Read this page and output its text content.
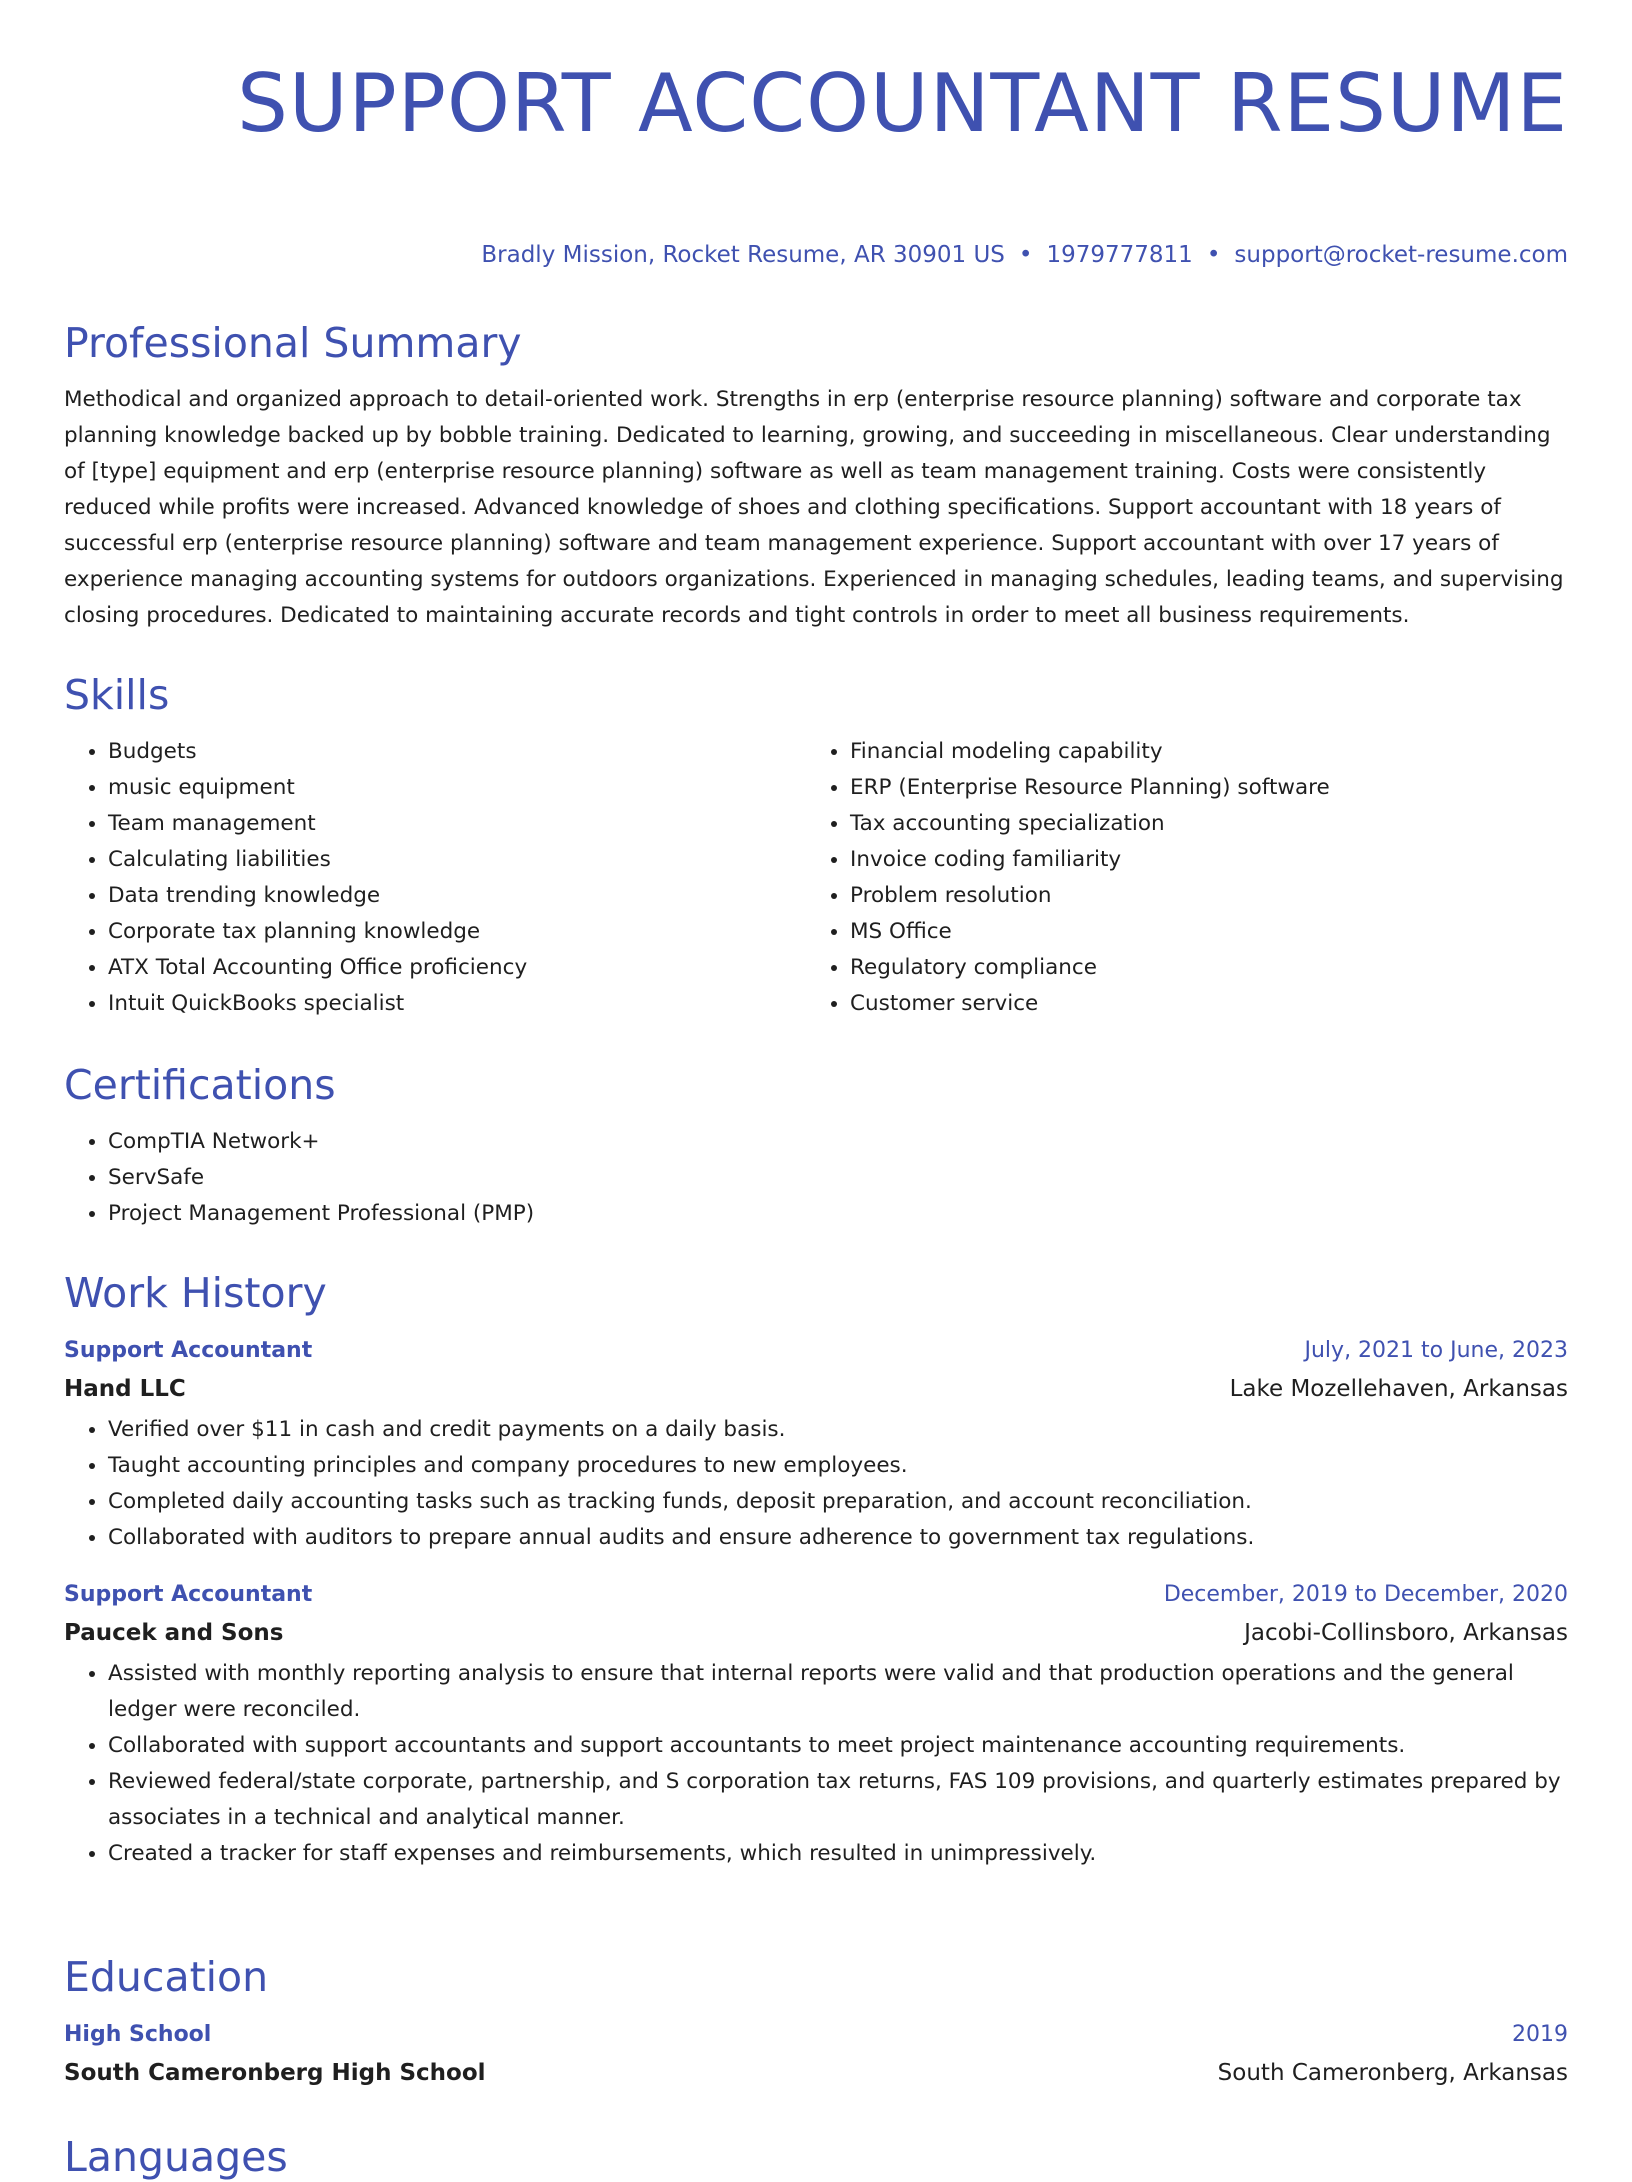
SUPPORT ACCOUNTANT RESUME
Bradly Mission, Rocket Resume, AR 30901 US • 1979777811 • support@rocket-resume.com
Professional Summary

Methodical and organized approach to detail-oriented work. Strengths in erp (enterprise resource planning) software and corporate tax planning knowledge backed up by bobble training. Dedicated to learning, growing, and succeeding in miscellaneous. Clear understanding of [type] equipment and erp (enterprise resource planning) software as well as team management training. Costs were consistently reduced while profits were increased. Advanced knowledge of shoes and clothing specifications. Support accountant with 18 years of successful erp (enterprise resource planning) software and team management experience. Support accountant with over 17 years of experience managing accounting systems for outdoors organizations. Experienced in managing schedules, leading teams, and supervising closing procedures. Dedicated to maintaining accurate records and tight controls in order to meet all business requirements.

Skills
• Budgets
• music equipment
• Team management
• Calculating liabilities
• Data trending knowledge
• Corporate tax planning knowledge
• ATX Total Accounting Office proficiency
• Intuit QuickBooks specialist
• Financial modeling capability
• ERP (Enterprise Resource Planning) software
• Tax accounting specialization
• Invoice coding familiarity
• Problem resolution
• MS Office
• Regulatory compliance
• Customer service
Certifications
• CompTIA Network+
• ServSafe
• Project Management Professional (PMP)
Work History
Support Accountant	July, 2021 to June, 2023
Hand LLC	Lake Mozellehaven, Arkansas
• Verified over $11 in cash and credit payments on a daily basis.
• Taught accounting principles and company procedures to new employees.
• Completed daily accounting tasks such as tracking funds, deposit preparation, and account reconciliation.
• Collaborated with auditors to prepare annual audits and ensure adherence to government tax regulations.
Support Accountant	December, 2019 to December, 2020
Paucek and Sons	Jacobi-Collinsboro, Arkansas
• Assisted with monthly reporting analysis to ensure that internal reports were valid and that production operations and the general ledger were reconciled.
• Collaborated with support accountants and support accountants to meet project maintenance accounting requirements.
• Reviewed federal/state corporate, partnership, and S corporation tax returns, FAS 109 provisions, and quarterly estimates prepared by associates in a technical and analytical manner.
• Created a tracker for staff expenses and reimbursements, which resulted in unimpressively.
Education
High School	2019
South Cameronberg High School	South Cameronberg, Arkansas
Languages
